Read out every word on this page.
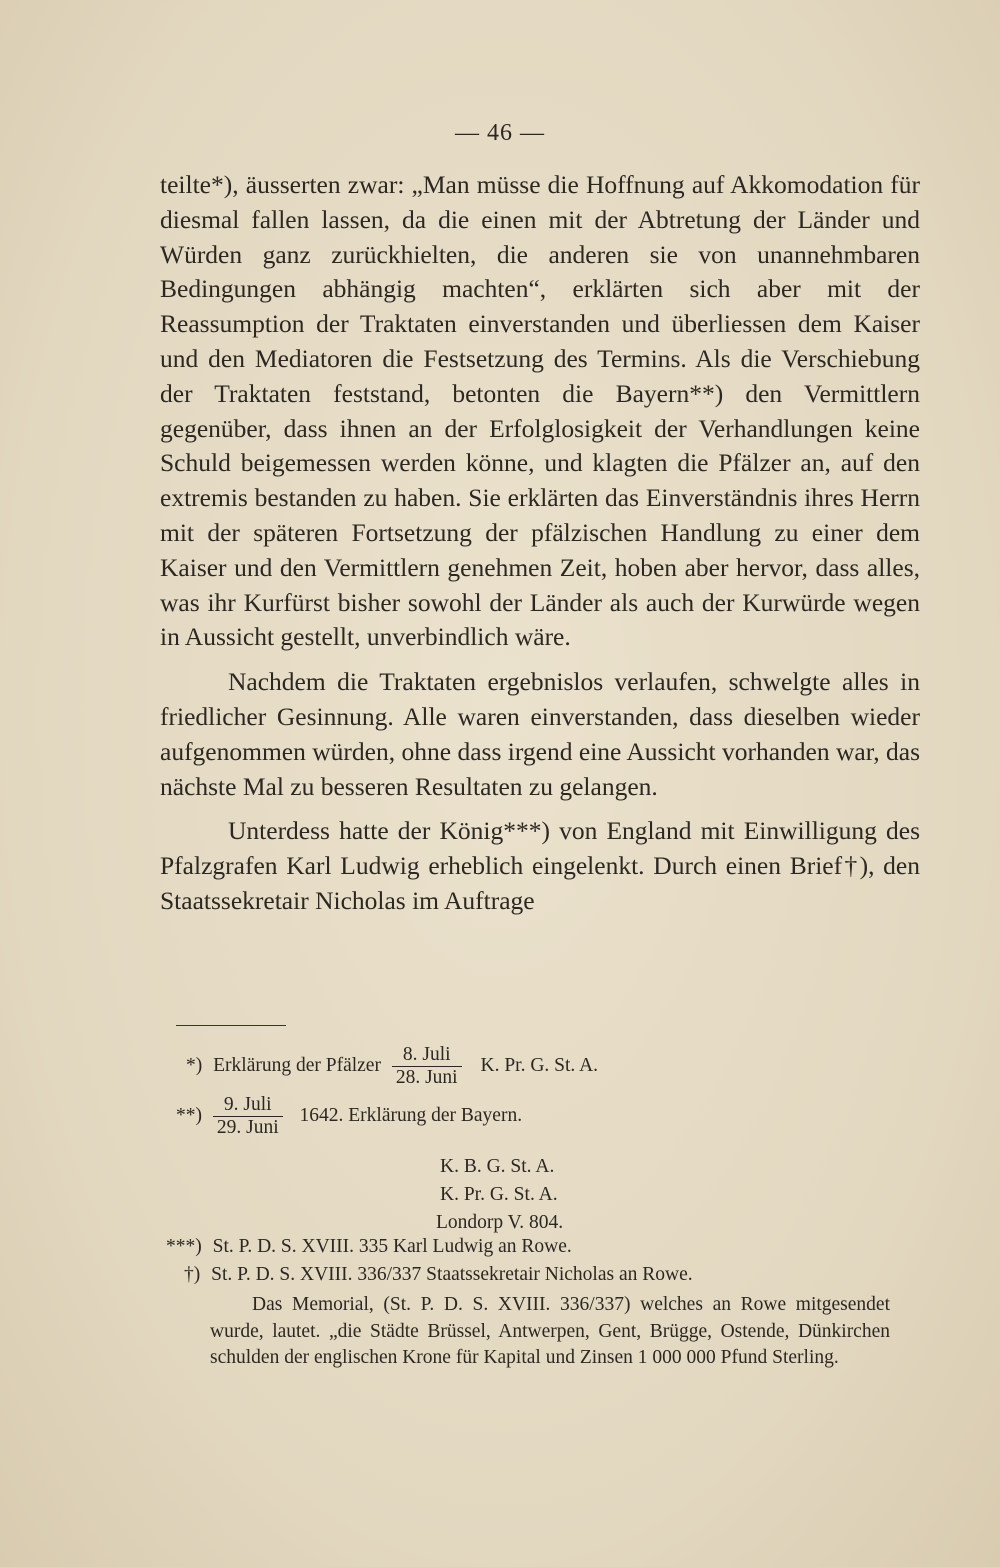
— 46 —

teilte*), äusserten zwar: „Man müsse die Hoffnung auf Akkomodation für diesmal fallen lassen, da die einen mit der Abtretung der Länder und Würden ganz zurückhielten, die anderen sie von unannehmbaren Bedingungen abhängig machten“, erklärten sich aber mit der Reassumption der Traktaten einverstanden und überliessen dem Kaiser und den Mediatoren die Festsetzung des Termins. Als die Verschiebung der Traktaten feststand, betonten die Bayern**) den Vermittlern gegenüber, dass ihnen an der Erfolglosigkeit der Verhandlungen keine Schuld beigemessen werden könne, und klagten die Pfälzer an, auf den extremis bestanden zu haben. Sie erklärten das Einverständnis ihres Herrn mit der späteren Fortsetzung der pfälzischen Handlung zu einer dem Kaiser und den Vermittlern genehmen Zeit, hoben aber hervor, dass alles, was ihr Kurfürst bisher sowohl der Länder als auch der Kurwürde wegen in Aussicht gestellt, unverbindlich wäre.

Nachdem die Traktaten ergebnislos verlaufen, schwelgte alles in friedlicher Gesinnung. Alle waren einverstanden, dass dieselben wieder aufgenommen würden, ohne dass irgend eine Aussicht vorhanden war, das nächste Mal zu besseren Resultaten zu gelangen.

Unterdess hatte der König***) von England mit Einwilligung des Pfalzgrafen Karl Ludwig erheblich eingelenkt. Durch einen Brief†), den Staatssekretair Nicholas im Auftrage

*) Erklärung der Pfälzer $\frac{\text{8. Juli}}{\text{28. Juni}} K$. Pr. G. St. A.
**) $\frac{\text{9. Juli}}{\text{29. Juni}} 1642$. Erklärung der Bayern.
K. B. G. St. A.
K. Pr. G. St. A.
Londorp V. 804.
***) St. P. D. S. XVIII. 335 Karl Ludwig an Rowe.
†) St. P. D. S. XVIII. 336/337 Staatssekretair Nicholas an Rowe.

Das Memorial, (St. P. D. S. XVIII. 336/337) welches an Rowe mitgesendet wurde, lautet. „die Städte Brüssel, Antwerpen, Gent, Brügge, Ostende, Dünkirchen schulden der englischen Krone für Kapital und Zinsen 1 000 000 Pfund Sterling.
